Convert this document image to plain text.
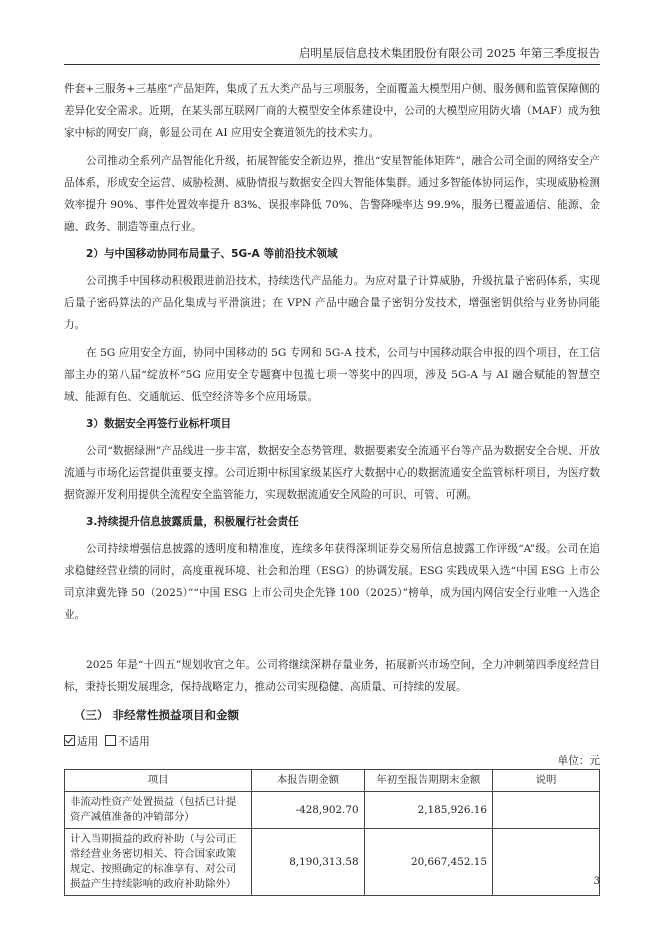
启明星辰信息技术集团股份有限公司 2025 年第三季度报告

件套+三服务+三基座”产品矩阵，集成了五大类产品与三项服务，全面覆盖大模型用户侧、服务侧和监管保障侧的差异化安全需求。近期，在某头部互联网厂商的大模型安全体系建设中，公司的大模型应用防火墙（MAF）成为独家中标的网安厂商，彰显公司在 AI 应用安全赛道领先的技术实力。

公司推动全系列产品智能化升级，拓展智能安全新边界，推出“安星智能体矩阵”，融合公司全面的网络安全产品体系，形成安全运营、威胁检测、威胁情报与数据安全四大智能体集群。通过多智能体协同运作，实现威胁检测效率提升 90%、事件处置效率提升 83%、误报率降低 70%、告警降噪率达 99.9%，服务已覆盖通信、能源、金融、政务、制造等重点行业。

2）与中国移动协同布局量子、5G-A 等前沿技术领域

公司携手中国移动积极跟进前沿技术，持续迭代产品能力。为应对量子计算威胁，升级抗量子密码体系，实现后量子密码算法的产品化集成与平滑演进；在 VPN 产品中融合量子密钥分发技术，增强密钥供给与业务协同能力。

在 5G 应用安全方面，协同中国移动的 5G 专网和 5G-A 技术，公司与中国移动联合申报的四个项目，在工信部主办的第八届“绽放杯”5G 应用安全专题赛中包揽七项一等奖中的四项，涉及 5G-A 与 AI 融合赋能的智慧空域、能源有色、交通航运、低空经济等多个应用场景。

3）数据安全再签行业标杆项目

公司“数据绿洲”产品线进一步丰富，数据安全态势管理、数据要素安全流通平台等产品为数据安全合规、开放流通与市场化运营提供重要支撑。公司近期中标国家级某医疗大数据中心的数据流通安全监管标杆项目，为医疗数据资源开发利用提供全流程安全监管能力，实现数据流通安全风险的可识、可管、可溯。

3.持续提升信息披露质量，积极履行社会责任

公司持续增强信息披露的透明度和精准度，连续多年获得深圳证券交易所信息披露工作评级“A”级。公司在追求稳健经营业绩的同时，高度重视环境、社会和治理（ESG）的协调发展。ESG 实践成果入选“中国 ESG 上市公司京津冀先锋 50（2025）”“中国 ESG 上市公司央企先锋 100（2025）”榜单，成为国内网信安全行业唯一入选企业。

2025 年是“十四五”规划收官之年。公司将继续深耕存量业务，拓展新兴市场空间，全力冲刺第四季度经营目标，秉持长期发展理念，保持战略定力，推动公司实现稳健、高质量、可持续的发展。

（三） 非经常性损益项目和金额
适用 不适用
单位：元
项目	本报告期金额	年初至报告期期末金额	说明
非流动性资产处置损益（包括已计提资产减值准备的冲销部分）	-428,902.70	2,185,926.16	
计入当期损益的政府补助（与公司正常经营业务密切相关、符合国家政策规定、按照确定的标准享有、对公司损益产生持续影响的政府补助除外）	8,190,313.58	20,667,452.15	
3
